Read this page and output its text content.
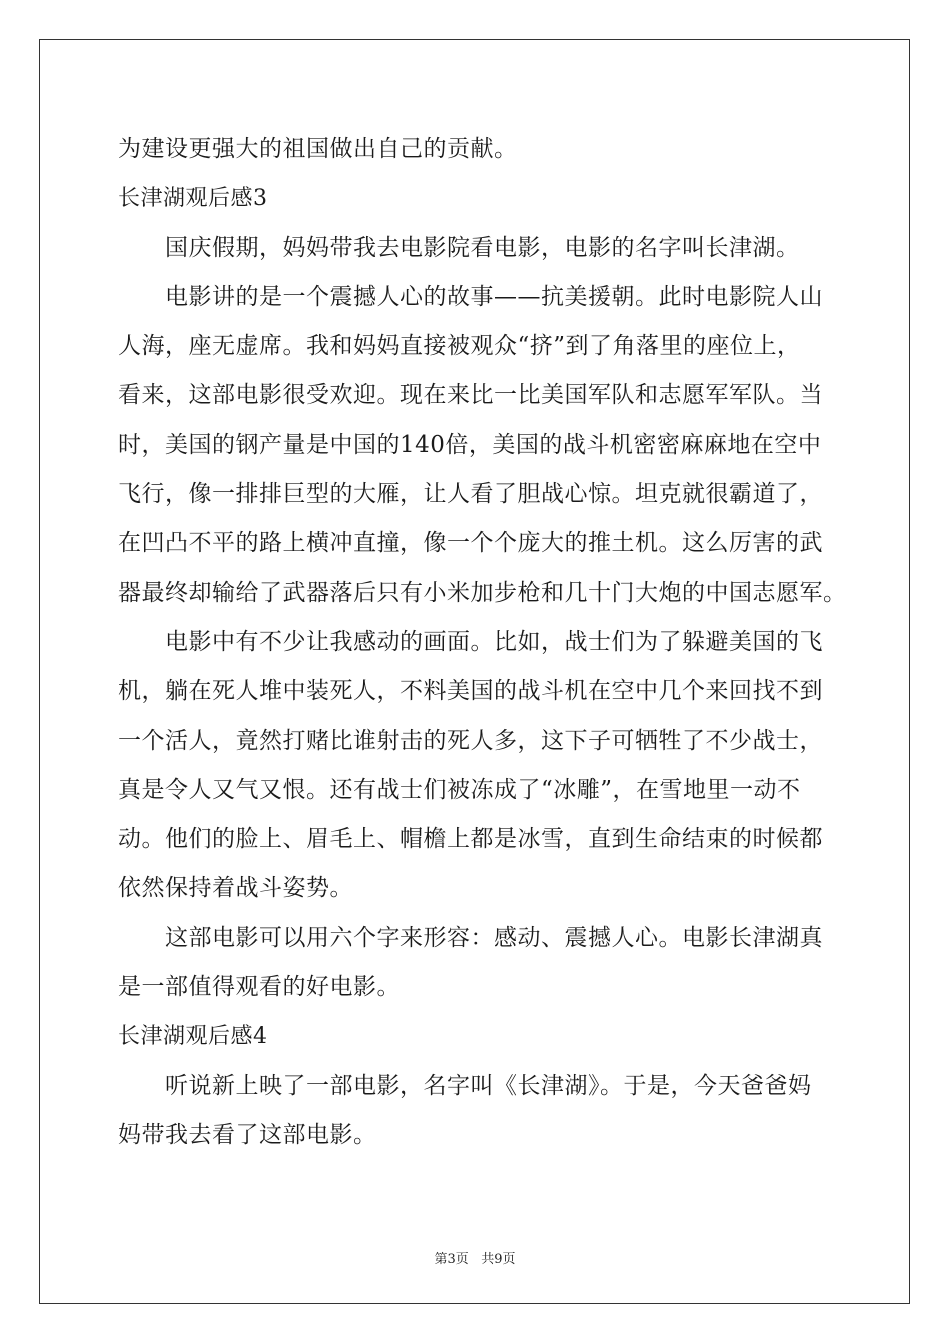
为建设更强大的祖国做出自己的贡献。
长津湖观后感3
国庆假期，妈妈带我去电影院看电影，电影的名字叫长津湖。
电影讲的是一个震撼人心的故事——抗美援朝。此时电影院人山
人海，座无虚席。我和妈妈直接被观众“挤”到了角落里的座位上，
看来，这部电影很受欢迎。现在来比一比美国军队和志愿军军队。当
时，美国的钢产量是中国的140倍，美国的战斗机密密麻麻地在空中
飞行，像一排排巨型的大雁，让人看了胆战心惊。坦克就很霸道了，
在凹凸不平的路上横冲直撞，像一个个庞大的推土机。这么厉害的武
器最终却输给了武器落后只有小米加步枪和几十门大炮的中国志愿军。
电影中有不少让我感动的画面。比如，战士们为了躲避美国的飞
机，躺在死人堆中装死人，不料美国的战斗机在空中几个来回找不到
一个活人，竟然打赌比谁射击的死人多，这下子可牺牲了不少战士，
真是令人又气又恨。还有战士们被冻成了“冰雕”，在雪地里一动不
动。他们的脸上、眉毛上、帽檐上都是冰雪，直到生命结束的时候都
依然保持着战斗姿势。
这部电影可以用六个字来形容：感动、震撼人心。电影长津湖真
是一部值得观看的好电影。
长津湖观后感4
听说新上映了一部电影，名字叫《长津湖》。于是，今天爸爸妈
妈带我去看了这部电影。
第3页 共9页
